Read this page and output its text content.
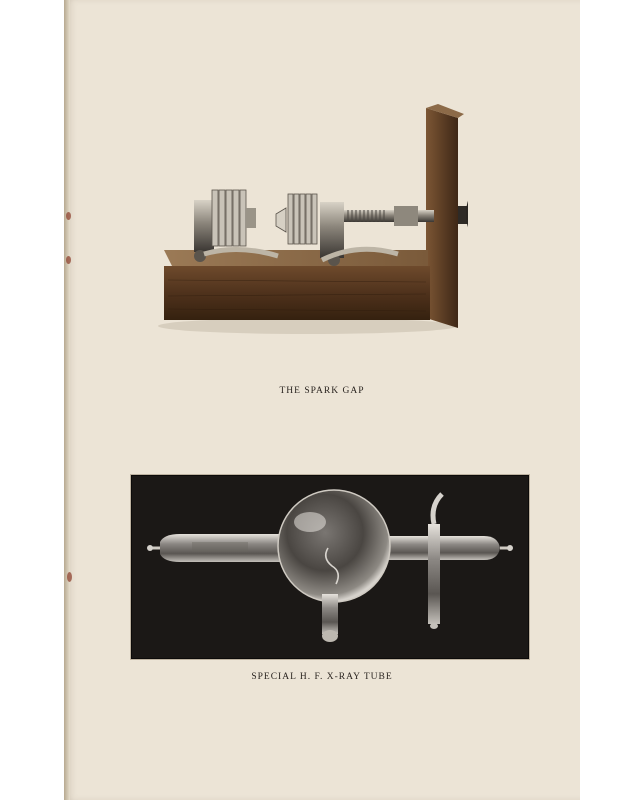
THE SPARK GAP
SPECIAL H. F. X-RAY TUBE
